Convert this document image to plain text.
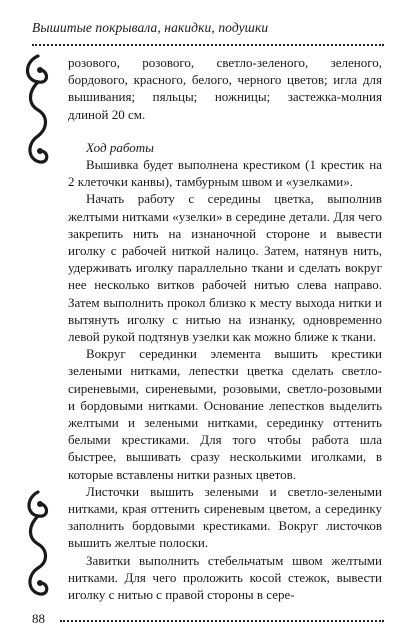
Вышитые покрывала, накидки, подушки

розового, розового, светло-зеленого, зеленого, бордового, красного, белого, черного цветов; игла для вышивания; пяльцы; ножницы; застежка-молния длиной 20 см.

Ход работы

Вышивка будет выполнена крестиком (1 крестик на 2 клеточки канвы), тамбурным швом и «узелками».

Начать работу с середины цветка, выполнив желтыми нитками «узелки» в середине детали. Для чего закрепить нить на изнаночной стороне и вывести иголку с рабочей ниткой налицо. Затем, натянув нить, удерживать иголку параллельно ткани и сделать вокруг нее несколько витков рабочей нитью слева направо. Затем выполнить прокол близко к месту выхода нитки и вытянуть иголку с нитью на изнанку, одновременно левой рукой подтянув узелки как можно ближе к ткани.

Вокруг серединки элемента вышить крестики зелеными нитками, лепестки цветка сделать светло-сиреневыми, сиреневыми, розовыми, светло-розовыми и бордовыми нитками. Основание лепестков выделить желтыми и зелеными нитками, серединку оттенить белыми крестиками. Для того чтобы работа шла быстрее, вышивать сразу несколькими иголками, в которые вставлены нитки разных цветов.

Листочки вышить зелеными и светло-зелеными нитками, края оттенить сиреневым цветом, а серединку заполнить бордовыми крестиками. Вокруг листочков вышить желтые полоски.

Завитки выполнить стебельчатым швом желтыми нитками. Для чего проложить косой стежок, вывести иголку с нитью с правой стороны в сере-

88
